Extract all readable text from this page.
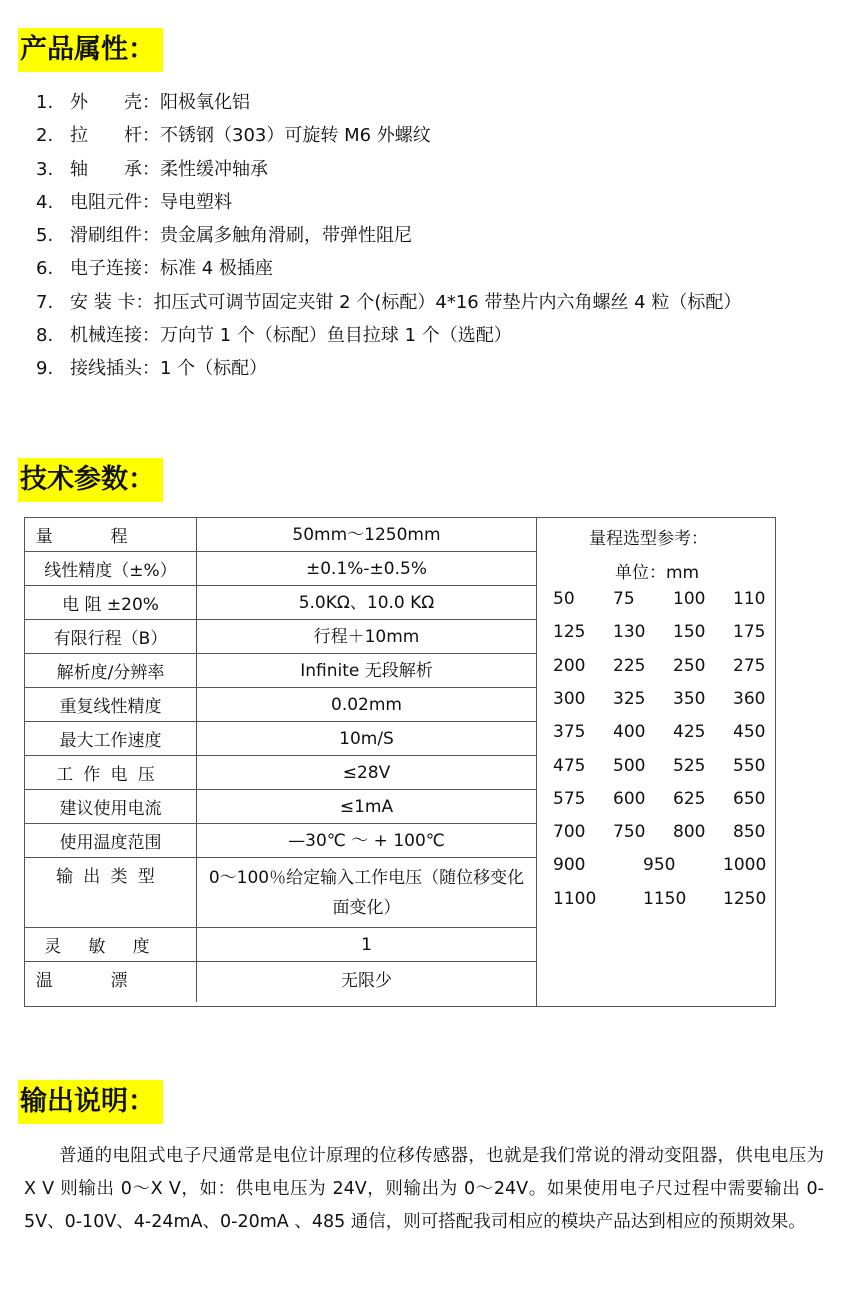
产品属性：
1. 外　　壳：阳极氧化铝
2. 拉　　杆：不锈钢（303）可旋转 M6 外螺纹
3. 轴　　承：柔性缓冲轴承
4. 电阻元件：导电塑料
5. 滑刷组件：贵金属多触角滑刷，带弹性阻尼
6. 电子连接：标准 4 极插座
7. 安 装 卡：扣压式可调节固定夹钳 2 个(标配）4*16 带垫片内六角螺丝 4 粒（标配）
8. 机械连接：万向节 1 个（标配）鱼目拉球 1 个（选配）
9. 接线插头：1 个（标配）
技术参数：
量程	50mm～1250mm
线性精度（±%）	±0.1%-±0.5%
电 阻 ±20%	5.0KΩ、10.0 KΩ
有限行程（B）	行程＋10mm
解析度/分辨率	Infinite 无段解析
重复线性精度	0.02mm
最大工作速度	10m/S
工作电压	≤28V
建议使用电流	≤1mA
使用温度范围	—30℃ ～ + 100℃
输出类型	0～100％给定输入工作电压（随位移变化面变化）
灵敏度	1
温漂	无限少
量程选型参考：
单位：mm
50 75 100 110
125 130 150 175
200 225 250 275
300 325 350 360
375 400 425 450
475 500 525 550
575 600 625 650
700 750 800 850
900	950	1000
1100	1150 1250
输出说明：

普通的电阻式电子尺通常是电位计原理的位移传感器，也就是我们常说的滑动变阻器，供电电压为 X V 则输出 0～X V，如：供电电压为 24V，则输出为 0～24V。如果使用电子尺过程中需要输出 0-5V、0-10V、4-24mA、0-20mA 、485 通信，则可搭配我司相应的模块产品达到相应的预期效果。
